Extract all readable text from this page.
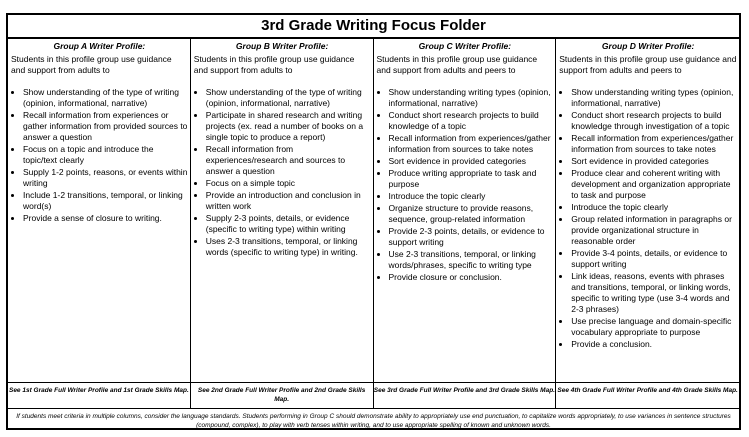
3rd Grade Writing Focus Folder
Group A Writer Profile:
Students in this profile group use guidance and support from adults to
• Show understanding of the type of writing (opinion, informational, narrative)
• Recall information from experiences or gather information from provided sources to answer a question
• Focus on a topic and introduce the topic/text clearly
• Supply 1-2 points, reasons, or events within writing
• Include 1-2 transitions, temporal, or linking word(s)
• Provide a sense of closure to writing.
Group B Writer Profile:
Students in this profile group use guidance and support from adults to
• Show understanding of the type of writing (opinion, informational, narrative)
• Participate in shared research and writing projects (ex. read a number of books on a single topic to produce a report)
• Recall information from experiences/research and sources to answer a question
• Focus on a simple topic
• Provide an introduction and conclusion in written work
• Supply 2-3 points, details, or evidence (specific to writing type) within writing
• Uses 2-3 transitions, temporal, or linking words (specific to writing type) in writing.
Group C Writer Profile:
Students in this profile group use guidance and support from adults and peers to
• Show understanding writing types (opinion, informational, narrative)
• Conduct short research projects to build knowledge of a topic
• Recall information from experiences/gather information from sources to take notes
• Sort evidence in provided categories
• Produce writing appropriate to task and purpose
• Introduce the topic clearly
• Organize structure to provide reasons, sequence, group-related information
• Provide 2-3 points, details, or evidence to support writing
• Use 2-3 transitions, temporal, or linking words/phrases, specific to writing type
• Provide closure or conclusion.
Group D Writer Profile:
Students in this profile group use guidance and support from adults and peers to
• Show understanding writing types (opinion, informational, narrative)
• Conduct short research projects to build knowledge through investigation of a topic
• Recall information from experiences/gather information from sources to take notes
• Sort evidence in provided categories
• Produce clear and coherent writing with development and organization appropriate to task and purpose
• Introduce the topic clearly
• Group related information in paragraphs or provide organizational structure in reasonable order
• Provide 3-4 points, details, or evidence to support writing
• Link ideas, reasons, events with phrases and transitions, temporal, or linking words, specific to writing type (use 3-4 words and 2-3 phrases)
• Use precise language and domain-specific vocabulary appropriate to purpose
• Provide a conclusion.
See 1st Grade Full Writer Profile and 1st Grade Skills Map.	See 2nd Grade Full Writer Profile and 2nd Grade Skills Map.
See 3rd Grade Full Writer Profile and 3rd Grade Skills Map. See 4th Grade Full Writer Profile and 4th Grade Skills Map.
If students meet criteria in multiple columns, consider the language standards. Students performing in Group C should demonstrate ability to appropriately use end punctuation, to capitalize words appropriately, to use variances in sentence structures (compound, complex), to play with verb tenses within writing, and to use appropriate spelling of known and unknown words.
